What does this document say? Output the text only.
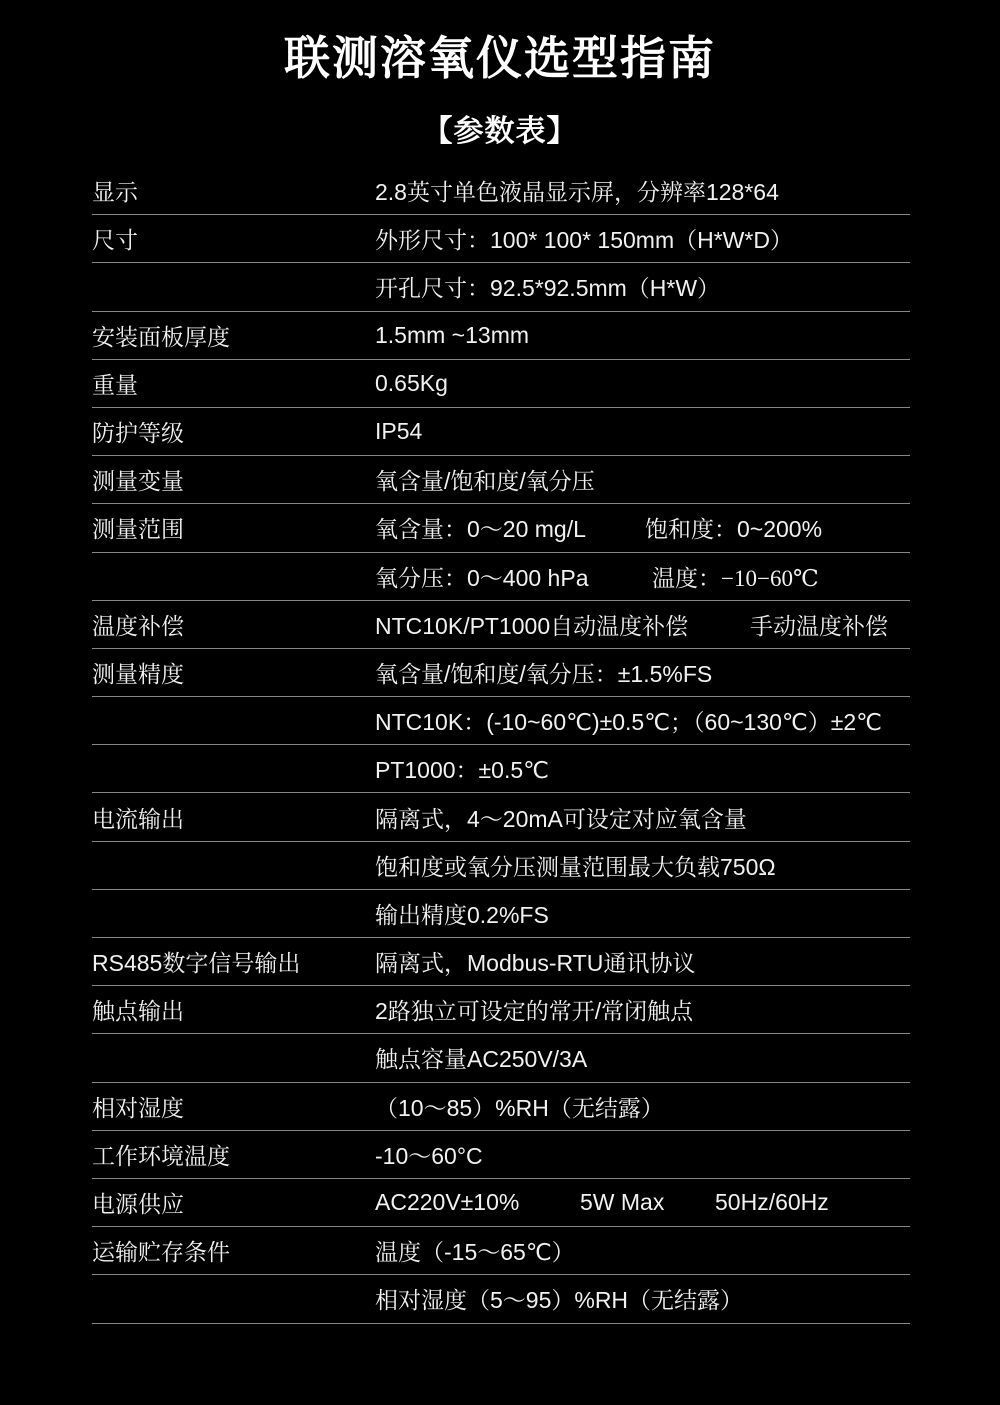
联测溶氧仪选型指南
【参数表】
显示	2.8英寸单色液晶显示屏，分辨率128*64
尺寸	外形尺寸：100* 100* 150mm（H*W*D）
开孔尺寸：92.5*92.5mm（H*W）
安装面板厚度	1.5mm ~13mm
重量	0.65Kg
防护等级	IP54
测量变量	氧含量/饱和度/氧分压
测量范围	氧含量：0～20 mg/L	饱和度：0~200%
氧分压：0～400 hPa	温度：−10−60℃
温度补偿	NTC10K/PT1000自动温度补偿	手动温度补偿
测量精度	氧含量/饱和度/氧分压：±1.5%FS
NTC10K：(-10~60℃)±0.5℃；（60~130℃）±2℃
PT1000：±0.5℃
电流输出	隔离式，4～20mA可设定对应氧含量
饱和度或氧分压测量范围最大负载750Ω
输出精度0.2%FS
RS485数字信号输出	隔离式，Modbus-RTU通讯协议
触点输出	2路独立可设定的常开/常闭触点
触点容量AC250V/3A
相对湿度	（10～85）%RH（无结露）
工作环境温度	-10～60°C
电源供应	AC220V±10%	5W Max	50Hz/60Hz
运输贮存条件	温度（-15～65℃）
相对湿度（5～95）%RH（无结露）
